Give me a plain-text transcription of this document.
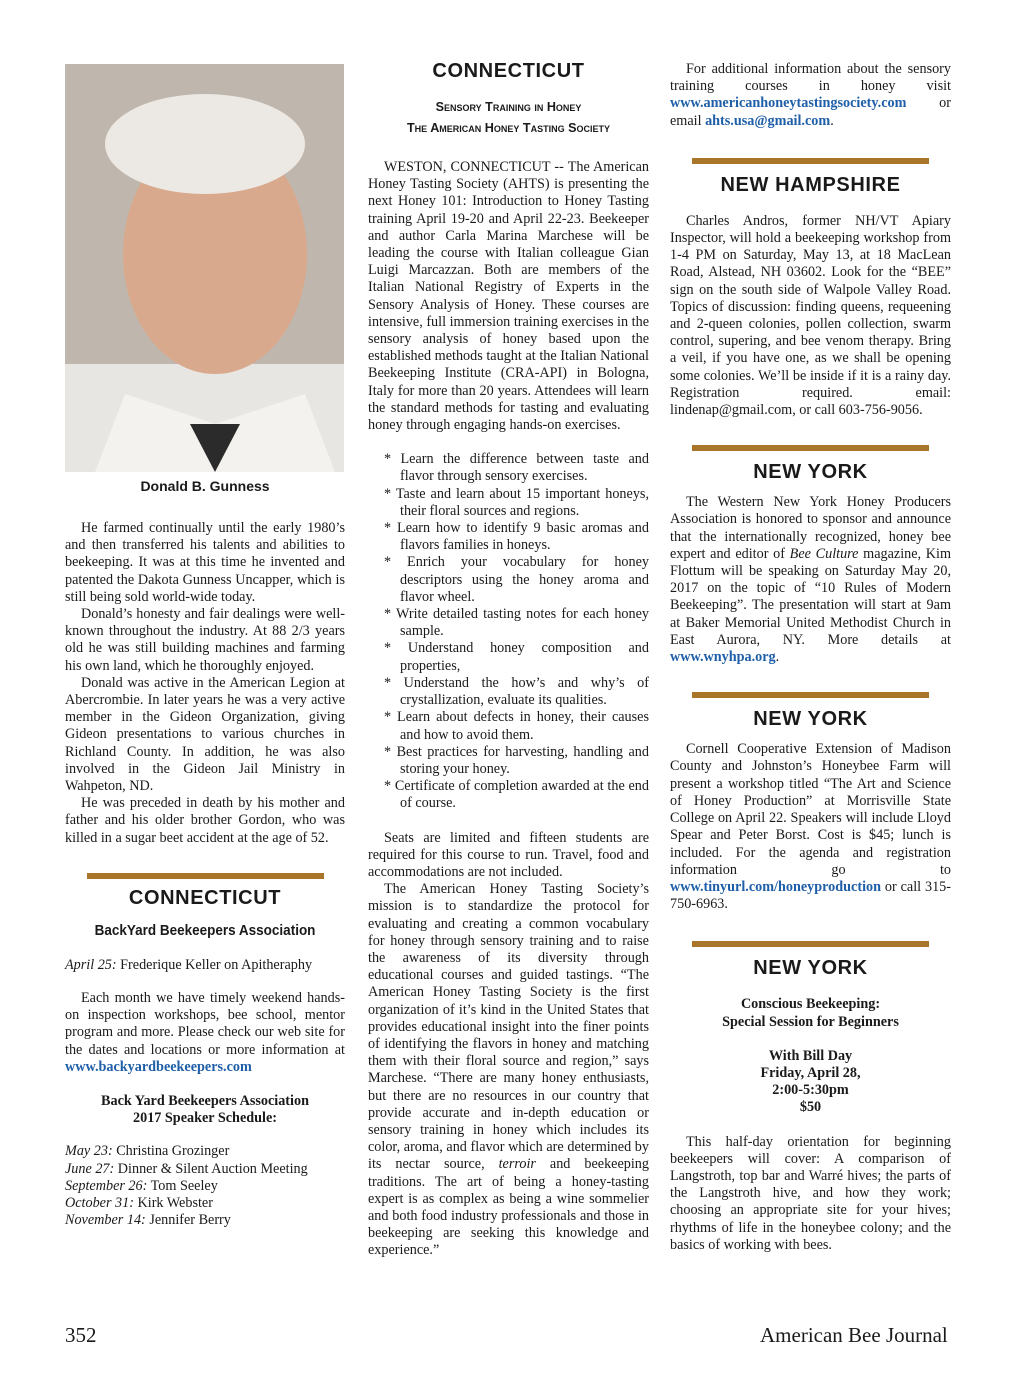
Donald B. Gunness

He farmed continually until the early 1980’s and then transferred his talents and abilities to beekeeping. It was at this time he invented and patented the Dakota Gunness Uncapper, which is still being sold world-wide today.

Donald’s honesty and fair dealings were well-known throughout the industry. At 88 2/3 years old he was still building machines and farming his own land, which he thoroughly enjoyed.

Donald was active in the American Legion at Abercrombie. In later years he was a very active member in the Gideon Organization, giving Gideon presentations to various churches in Richland County. In addition, he was also involved in the Gideon Jail Ministry in Wahpeton, ND.

He was preceded in death by his mother and father and his older brother Gordon, who was killed in a sugar beet accident at the age of 52.

CONNECTICUT
BackYard Beekeepers Association

April 25: Frederique Keller on Apitheraphy

Each month we have timely weekend hands-on inspection workshops, bee school, mentor program and more. Please check our web site for the dates and locations or more information at www.backyardbeekeepers.com

Back Yard Beekeepers Association

2017 Speaker Schedule:

May 23: Christina Grozinger

June 27: Dinner & Silent Auction Meeting

September 26: Tom Seeley

October 31: Kirk Webster

November 14: Jennifer Berry

CONNECTICUT
Sensory Training in Honey
The American Honey Tasting Society

WESTON, CONNECTICUT -- The American Honey Tasting Society (AHTS) is presenting the next Honey 101: Introduction to Honey Tasting training April 19-20 and April 22-23. Beekeeper and author Carla Marina Marchese will be leading the course with Italian colleague Gian Luigi Marcazzan. Both are members of the Italian National Registry of Experts in the Sensory Analysis of Honey. These courses are intensive, full immersion training exercises in the sensory analysis of honey based upon the established methods taught at the Italian National Beekeeping Institute (CRA-API) in Bologna, Italy for more than 20 years. Attendees will learn the standard methods for tasting and evaluating honey through engaging hands-on exercises.

* Learn the difference between taste and flavor through sensory exercises.
* Taste and learn about 15 important honeys, their floral sources and regions.
* Learn how to identify 9 basic aromas and flavors families in honeys.
* Enrich your vocabulary for honey descriptors using the honey aroma and flavor wheel.
* Write detailed tasting notes for each honey sample.
* Understand honey composition and properties,
* Understand the how’s and why’s of crystallization, evaluate its qualities.
* Learn about defects in honey, their causes and how to avoid them.
* Best practices for harvesting, handling and storing your honey.
* Certificate of completion awarded at the end of course.

Seats are limited and fifteen students are required for this course to run. Travel, food and accommodations are not included.

The American Honey Tasting Society’s mission is to standardize the protocol for evaluating and creating a common vocabulary for honey through sensory training and to raise the awareness of its diversity through educational courses and guided tastings. “The American Honey Tasting Society is the first organization of it’s kind in the United States that provides educational insight into the finer points of identifying the flavors in honey and matching them with their floral source and region,” says Marchese. “There are many honey enthusiasts, but there are no resources in our country that provide accurate and in-depth education or sensory training in honey which includes its color, aroma, and flavor which are determined by its nectar source, terroir and beekeeping traditions. The art of being a honey-tasting expert is as complex as being a wine sommelier and both food industry professionals and those in beekeeping are seeking this knowledge and experience.”

For additional information about the sensory training courses in honey visit www.americanhoneytastingsociety.com or email ahts.usa@gmail.com.

NEW HAMPSHIRE

Charles Andros, former NH/VT Apiary Inspector, will hold a beekeeping workshop from 1-4 PM on Saturday, May 13, at 18 MacLean Road, Alstead, NH 03602. Look for the “BEE” sign on the south side of Walpole Valley Road. Topics of discussion: finding queens, requeening and 2-queen colonies, pollen collection, swarm control, supering, and bee venom therapy. Bring a veil, if you have one, as we shall be opening some colonies. We’ll be inside if it is a rainy day. Registration required. email: lindenap@gmail.com, or call 603-756-9056.

NEW YORK

The Western New York Honey Producers Association is honored to sponsor and announce that the internationally recognized, honey bee expert and editor of Bee Culture magazine, Kim Flottum will be speaking on Saturday May 20, 2017 on the topic of “10 Rules of Modern Beekeeping”. The presentation will start at 9am at Baker Memorial United Methodist Church in East Aurora, NY. More details at www.wnyhpa.org.

NEW YORK

Cornell Cooperative Extension of Madison County and Johnston’s Honeybee Farm will present a workshop titled “The Art and Science of Honey Production” at Morrisville State College on April 22. Speakers will include Lloyd Spear and Peter Borst. Cost is $45; lunch is included. For the agenda and registration information go to www.tinyurl.com/honeyproduction or call 315-750-6963.

NEW YORK

Conscious Beekeeping:

Special Session for Beginners

With Bill Day

Friday, April 28,

2:00-5:30pm

$50

This half-day orientation for beginning beekeepers will cover: A comparison of Langstroth, top bar and Warré hives; the parts of the Langstroth hive, and how they work; choosing an appropriate site for your hives; rhythms of life in the honeybee colony; and the basics of working with bees.

352	American Bee Journal
